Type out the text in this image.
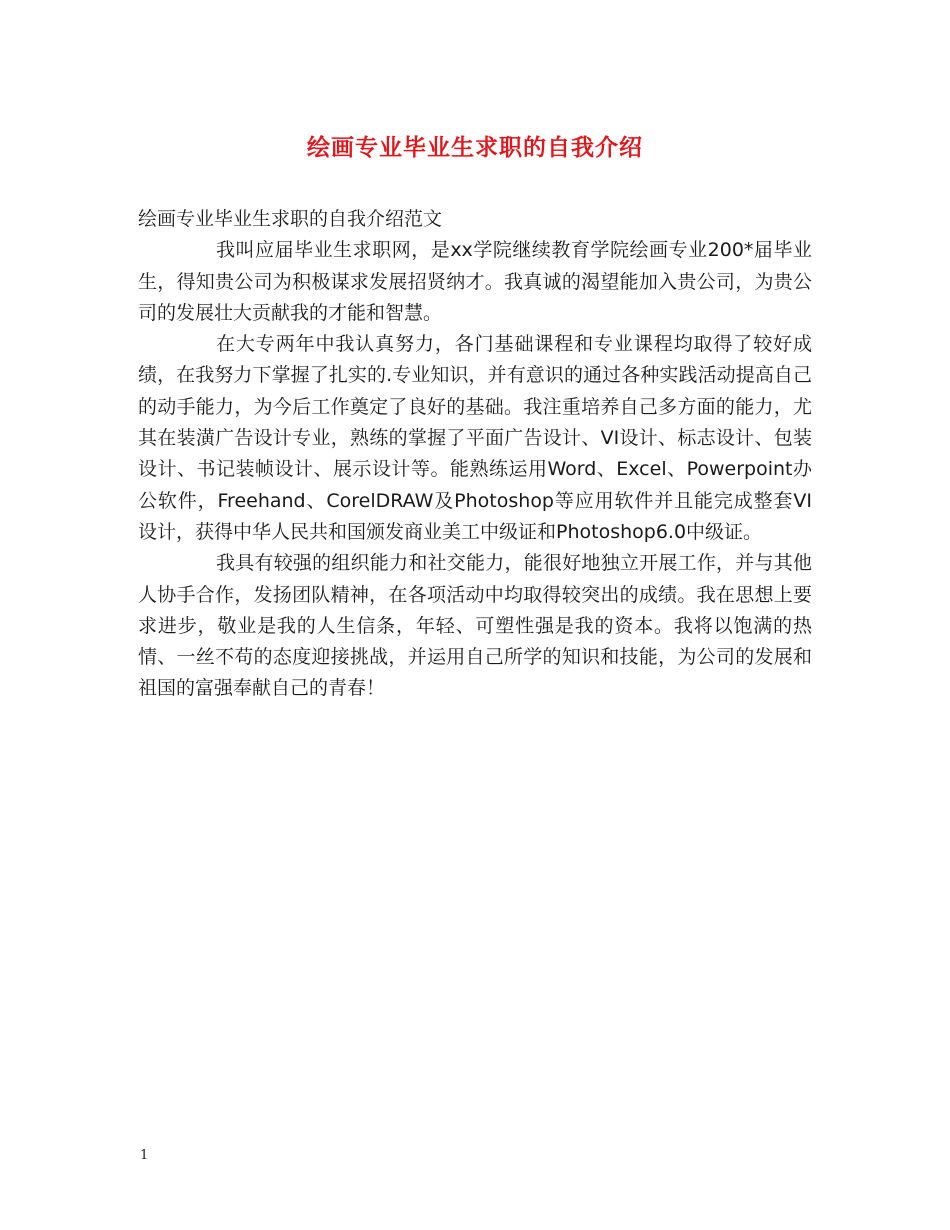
绘画专业毕业生求职的自我介绍

绘画专业毕业生求职的自我介绍范文

我叫应届毕业生求职网，是xx学院继续教育学院绘画专业200*届毕业生，得知贵公司为积极谋求发展招贤纳才。我真诚的渴望能加入贵公司，为贵公司的发展壮大贡献我的才能和智慧。

在大专两年中我认真努力，各门基础课程和专业课程均取得了较好成绩，在我努力下掌握了扎实的.专业知识，并有意识的通过各种实践活动提高自己的动手能力，为今后工作奠定了良好的基础。我注重培养自己多方面的能力，尤其在装潢广告设计专业，熟练的掌握了平面广告设计、VI设计、标志设计、包装设计、书记装帧设计、展示设计等。能熟练运用Word、Excel、Powerpoint办公软件，Freehand、CorelDRAW及Photoshop等应用软件并且能完成整套VI设计，获得中华人民共和国颁发商业美工中级证和Photoshop6.0中级证。

我具有较强的组织能力和社交能力，能很好地独立开展工作，并与其他人协手合作，发扬团队精神，在各项活动中均取得较突出的成绩。我在思想上要求进步，敬业是我的人生信条，年轻、可塑性强是我的资本。我将以饱满的热情、一丝不苟的态度迎接挑战，并运用自己所学的知识和技能，为公司的发展和祖国的富强奉献自己的青春！

1
